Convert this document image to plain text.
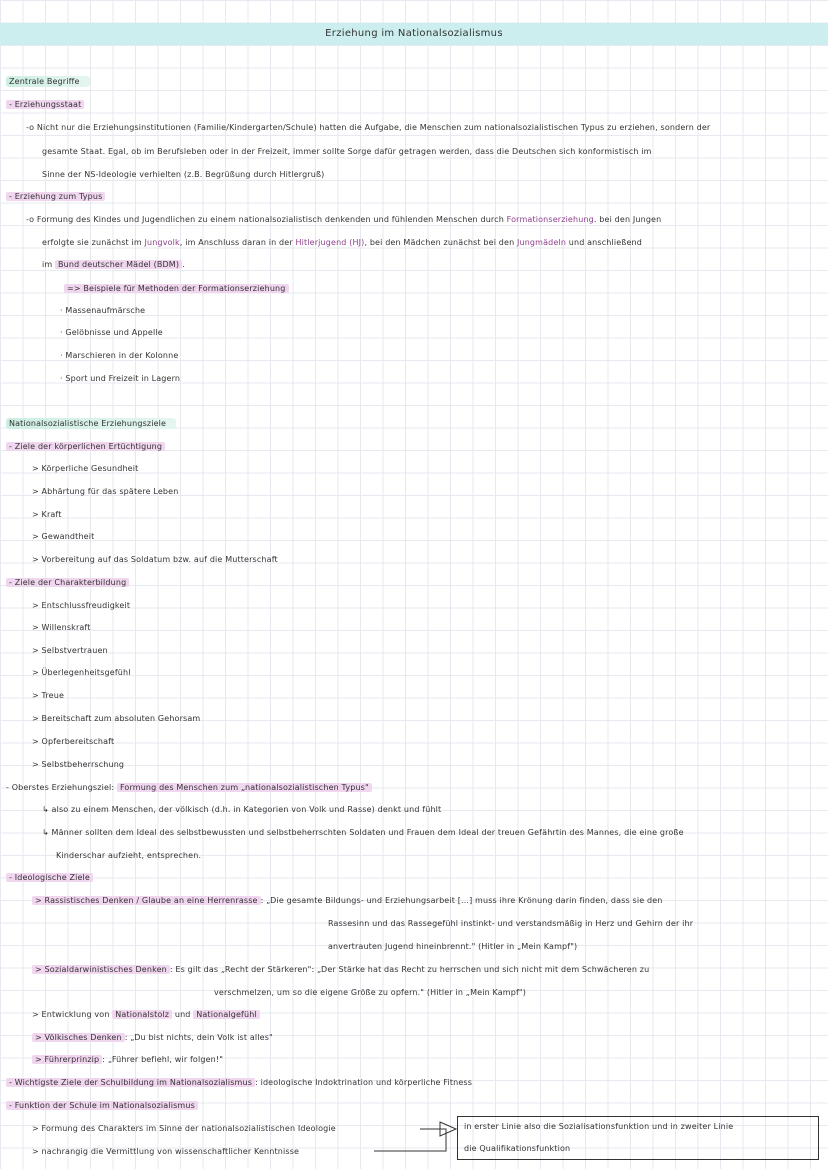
Erziehung im Nationalsozialismus
Zentrale Begriffe
- Erziehungsstaat
-o Nicht nur die Erziehungsinstitutionen (Familie/Kindergarten/Schule) hatten die Aufgabe, die Menschen zum nationalsozialistischen Typus zu erziehen, sondern der
gesamte Staat. Egal, ob im Berufsleben oder in der Freizeit, immer sollte Sorge dafür getragen werden, dass die Deutschen sich konformistisch im
Sinne der NS-Ideologie verhielten (z.B. Begrüßung durch Hitlergruß)
- Erziehung zum Typus
-o Formung des Kindes und Jugendlichen zu einem nationalsozialistisch denkenden und fühlenden Menschen durch Formationserziehung. bei den Jungen
erfolgte sie zunächst im Jungvolk, im Anschluss daran in der Hitlerjugend (HJ), bei den Mädchen zunächst bei den Jungmädeln und anschließend
im Bund deutscher Mädel (BDM) .
=> Beispiele für Methoden der Formationserziehung
· Massenaufmärsche
· Gelöbnisse und Appelle
· Marschieren in der Kolonne
· Sport und Freizeit in Lagern
Nationalsozialistische Erziehungsziele
- Ziele der körperlichen Ertüchtigung
> Körperliche Gesundheit
> Abhärtung für das spätere Leben
> Kraft
> Gewandtheit
> Vorbereitung auf das Soldatum bzw. auf die Mutterschaft
- Ziele der Charakterbildung
> Entschlussfreudigkeit
> Willenskraft
> Selbstvertrauen
> Überlegenheitsgefühl
> Treue
> Bereitschaft zum absoluten Gehorsam
> Opferbereitschaft
> Selbstbeherrschung
- Oberstes Erziehungsziel: Formung des Menschen zum „nationalsozialistischen Typus"
↳ also zu einem Menschen, der völkisch (d.h. in Kategorien von Volk und Rasse) denkt und fühlt
↳ Männer sollten dem Ideal des selbstbewussten und selbstbeherrschten Soldaten und Frauen dem Ideal der treuen Gefährtin des Mannes, die eine große
Kinderschar aufzieht, entsprechen.
- Ideologische Ziele
> Rassistisches Denken / Glaube an eine Herrenrasse : „Die gesamte Bildungs- und Erziehungsarbeit [...] muss ihre Krönung darin finden, dass sie den
Rassesinn und das Rassegefühl instinkt- und verstandsmäßig in Herz und Gehirn der ihr
anvertrauten Jugend hineinbrennt." (Hitler in „Mein Kampf")
> Sozialdarwinistisches Denken : Es gilt das „Recht der Stärkeren": „Der Stärke hat das Recht zu herrschen und sich nicht mit dem Schwächeren zu
verschmelzen, um so die eigene Größe zu opfern." (Hitler in „Mein Kampf")
> Entwicklung von Nationalstolz und Nationalgefühl
> Völkisches Denken : „Du bist nichts, dein Volk ist alles"
> Führerprinzip : „Führer befiehl, wir folgen!"
- Wichtigste Ziele der Schulbildung im Nationalsozialismus : ideologische Indoktrination und körperliche Fitness
- Funktion der Schule im Nationalsozialismus
> Formung des Charakters im Sinne der nationalsozialistischen Ideologie
> nachrangig die Vermittlung von wissenschaftlicher Kenntnisse
in erster Linie also die Sozialisationsfunktion und in zweiter Linie
die Qualifikationsfunktion
